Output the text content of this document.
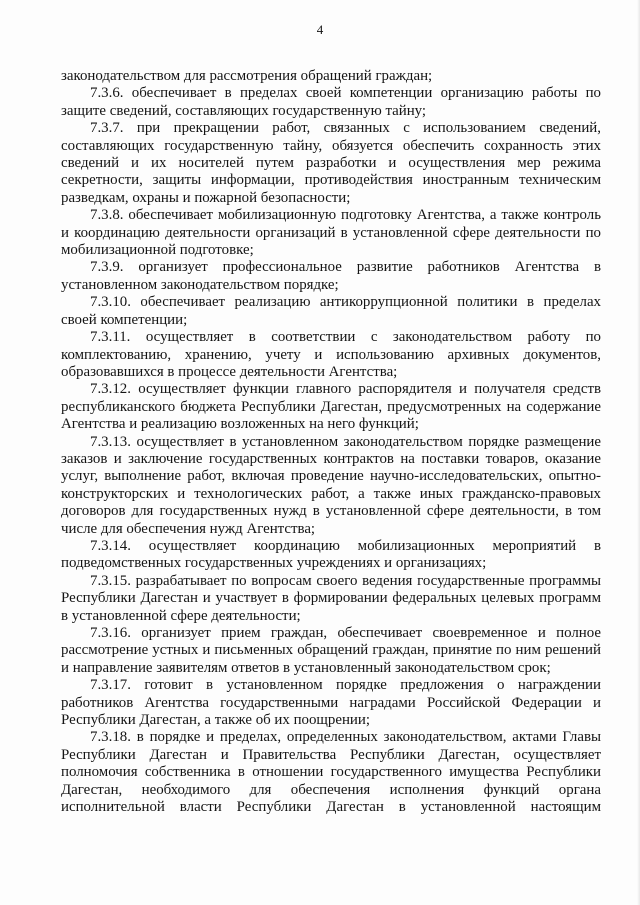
4

законодательством для рассмотрения обращений граждан;

7.3.6. обеспечивает в пределах своей компетенции организацию работы по защите сведений, составляющих государственную тайну;

7.3.7. при прекращении работ, связанных с использованием сведений, составляющих государственную тайну, обязуется обеспечить сохранность этих сведений и их носителей путем разработки и осуществления мер режима секретности, защиты информации, противодействия иностранным техническим разведкам, охраны и пожарной безопасности;

7.3.8. обеспечивает мобилизационную подготовку Агентства, а также контроль и координацию деятельности организаций в установленной сфере деятельности по мобилизационной подготовке;

7.3.9. организует профессиональное развитие работников Агентства в установленном законодательством порядке;

7.3.10. обеспечивает реализацию антикоррупционной политики в пределах своей компетенции;

7.3.11. осуществляет в соответствии с законодательством работу по комплектованию, хранению, учету и использованию архивных документов, образовавшихся в процессе деятельности Агентства;

7.3.12. осуществляет функции главного распорядителя и получателя средств республиканского бюджета Республики Дагестан, предусмотренных на содержание Агентства и реализацию возложенных на него функций;

7.3.13. осуществляет в установленном законодательством порядке размещение заказов и заключение государственных контрактов на поставки товаров, оказание услуг, выполнение работ, включая проведение научно-исследовательских, опытно-конструкторских и технологических работ, а также иных гражданско-правовых договоров для государственных нужд в установленной сфере деятельности, в том числе для обеспечения нужд Агентства;

7.3.14. осуществляет координацию мобилизационных мероприятий в подведомственных государственных учреждениях и организациях;

7.3.15. разрабатывает по вопросам своего ведения государственные программы Республики Дагестан и участвует в формировании федеральных целевых программ в установленной сфере деятельности;

7.3.16. организует прием граждан, обеспечивает своевременное и полное рассмотрение устных и письменных обращений граждан, принятие по ним решений и направление заявителям ответов в установленный законодательством срок;

7.3.17. готовит в установленном порядке предложения о награждении работников Агентства государственными наградами Российской Федерации и Республики Дагестан, а также об их поощрении;

7.3.18. в порядке и пределах, определенных законодательством, актами Главы Республики Дагестан и Правительства Республики Дагестан, осуществляет полномочия собственника в отношении государственного имущества Республики Дагестан, необходимого для обеспечения исполнения функций органа исполнительной власти Республики Дагестан в установленной настоящим
